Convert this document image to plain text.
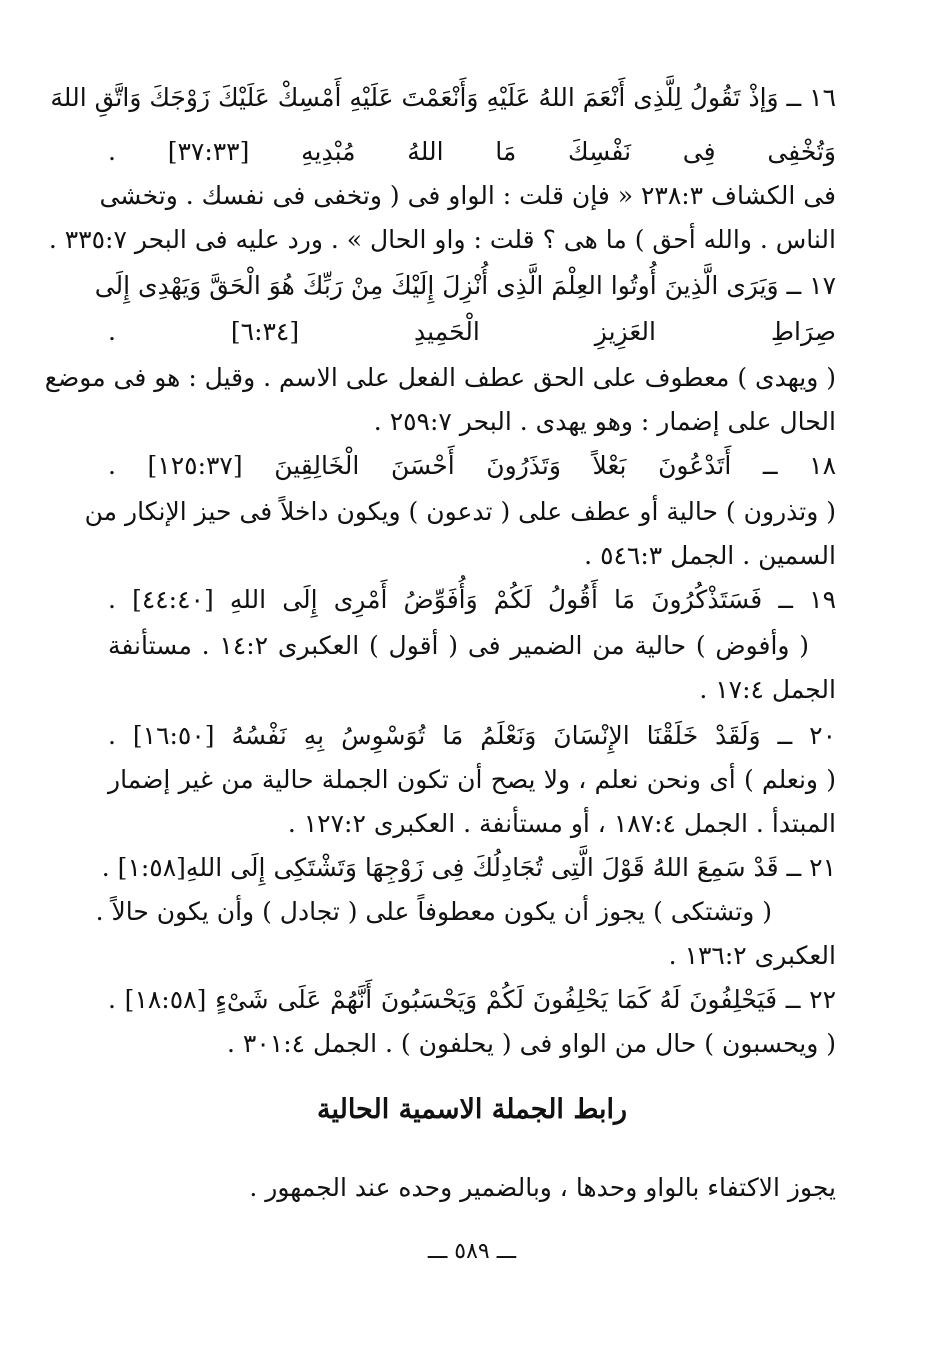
١٦ ــ وَإذْ تَقُولُ لِلَّذِى أَنْعَمَ اللهُ عَلَيْهِ وَأَنْعَمْتَ عَلَيْهِ أَمْسِكْ عَلَيْكَ زَوْجَكَ وَاتَّقِ اللهَ
وَتُخْفِى فِى نَفْسِكَ مَا اللهُ مُبْدِيهِ [٣٧:٣٣] .
فى الكشاف ٢٣٨:٣ « فإن قلت : الواو فى ( وتخفى فى نفسك . وتخشى
الناس . والله أحق ) ما هى ؟ قلت : واو الحال » . ورد عليه فى البحر ٣٣٥:٧ .
١٧ ــ وَيَرَى الَّذِينَ أُوتُوا العِلْمَ الَّذِى أُنْزِلَ إِلَيْكَ مِنْ رَبِّكَ هُوَ الْحَقَّ وَيَهْدِى إِلَى
صِرَاطِ العَزِيزِ الْحَمِيدِ [٦:٣٤] .
( ويهدى ) معطوف على الحق عطف الفعل على الاسم . وقيل : هو فى موضع
الحال على إضمار : وهو يهدى . البحر ٢٥٩:٧ .
١٨ ــ أَتَدْعُونَ بَعْلاً وَتَذَرُونَ أَحْسَنَ الْخَالِقِينَ [١٢٥:٣٧] .
( وتذرون ) حالية أو عطف على ( تدعون ) ويكون داخلاً فى حيز الإنكار من
السمين . الجمل ٥٤٦:٣ .
١٩ ــ فَسَتَذْكُرُونَ مَا أَقُولُ لَكُمْ وَأُفَوِّضُ أَمْرِى إِلَى اللهِ [٤٤:٤٠] .
( وأفوض ) حالية من الضمير فى ( أقول ) العكبرى ١٤:٢ . مستأنفة
الجمل ١٧:٤ .
٢٠ ــ وَلَقَدْ خَلَقْنَا الإِنْسَانَ وَنَعْلَمُ مَا تُوَسْوِسُ بِهِ نَفْسُهُ [١٦:٥٠] .
( ونعلم ) أى ونحن نعلم ، ولا يصح أن تكون الجملة حالية من غير إضمار
المبتدأ . الجمل ١٨٧:٤ ، أو مستأنفة . العكبرى ١٢٧:٢ .
٢١ ــ قَدْ سَمِعَ اللهُ قَوْلَ الَّتِى تُجَادِلُكَ فِى زَوْجِهَا وَتَشْتَكِى إِلَى اللهِ[١:٥٨] .
( وتشتكى ) يجوز أن يكون معطوفاً على ( تجادل ) وأن يكون حالاً .
العكبرى ١٣٦:٢ .
٢٢ ــ فَيَحْلِفُونَ لَهُ كَمَا يَحْلِفُونَ لَكُمْ وَيَحْسَبُونَ أَنَّهُمْ عَلَى شَىْءٍ [١٨:٥٨] .
( ويحسبون ) حال من الواو فى ( يحلفون ) . الجمل ٣٠١:٤ .
رابط الجملة الاسمية الحالية
يجوز الاكتفاء بالواو وحدها ، وبالضمير وحده عند الجمهور .
ـــ ٥٨٩ ـــ
